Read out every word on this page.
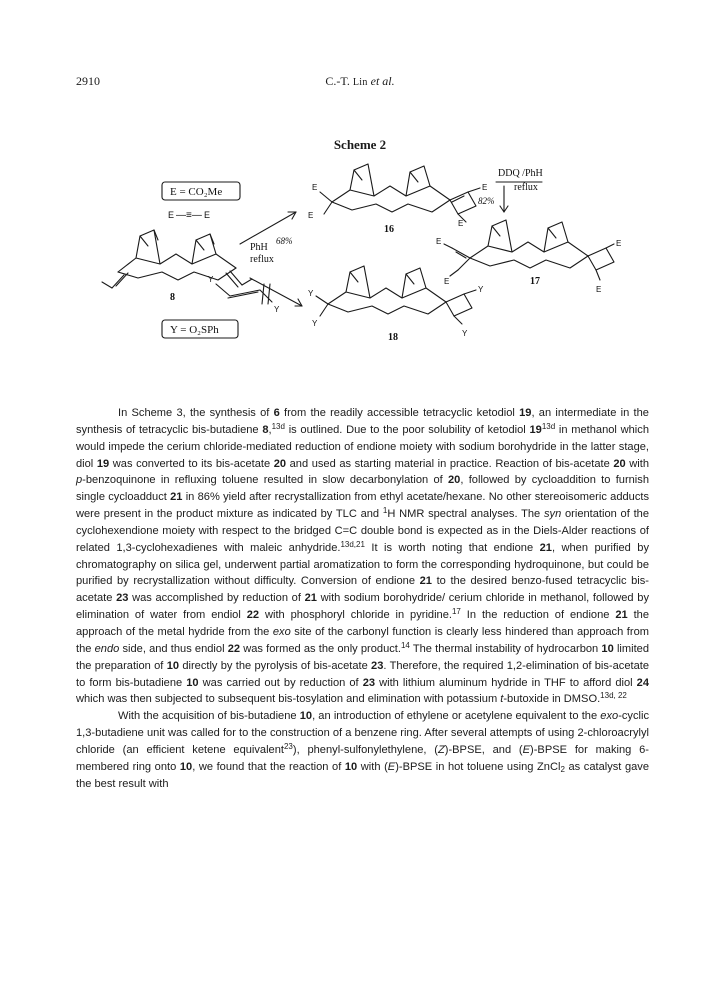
2910	C.-T. Lin et al.
Scheme 2
E = CO₂Me
Y = O₂SPh
E —≡— E
PhH
68%
reflux
DDQ /PhH
reflux
82%
8
16
17
18
E
E
E
E
E
E
E
E
Y
Y
Y
Y
Y
Y

In Scheme 3, the synthesis of 6 from the readily accessible tetracyclic ketodiol 19, an intermediate in the synthesis of tetracyclic bis-butadiene 8,$^{13d}$ is outlined. Due to the poor solubility of ketodiol $19^{13d}$ in methanol which would impede the cerium chloride-mediated reduction of endione moiety with sodium borohydride in the latter stage, diol 19 was converted to its bis-acetate 20 and used as starting material in practice. Reaction of bis-acetate 20 with p-benzoquinone in refluxing toluene resulted in slow decarbonylation of 20, followed by cycloaddition to furnish single cycloadduct 21 in 86% yield after recrystallization from ethyl acetate/hexane. No other stereoisomeric adducts were present in the product mixture as indicated by TLC and $^1$H NMR spectral analyses. The syn orientation of the cyclohexendione moiety with respect to the bridged C=C double bond is expected as in the Diels-Alder reactions of related 1,3-cyclohexadienes with maleic anhydride.$^{13d,21}$ It is worth noting that endione 21, when purified by chromatography on silica gel, underwent partial aromatization to form the corresponding hydroquinone, but could be purified by recrystallization without difficulty. Conversion of endione 21 to the desired benzo-fused tetracyclic bis-acetate 23 was accomplished by reduction of 21 with sodium borohydride/ cerium chloride in methanol, followed by elimination of water from endiol 22 with phosphoryl chloride in pyridine.$^{17}$ In the reduction of endione 21 the approach of the metal hydride from the exo site of the carbonyl function is clearly less hindered than approach from the endo side, and thus endiol 22 was formed as the only product.$^{14}$ The thermal instability of hydrocarbon 10 limited the preparation of 10 directly by the pyrolysis of bis-acetate 23. Therefore, the required 1,2-elimination of bis-acetate to form bis-butadiene 10 was carried out by reduction of 23 with lithium aluminum hydride in THF to afford diol 24 which was then subjected to subsequent bis-tosylation and elimination with potassium t-butoxide in DMSO.$^{13d, 22}$

With the acquisition of bis-butadiene 10, an introduction of ethylene or acetylene equivalent to the exo-cyclic 1,3-butadiene unit was called for to the construction of a benzene ring. After several attempts of using 2-chloroacrylyl chloride (an efficient ketene equivalent$^{23}$), phenyl-sulfonylethylene, (Z)-BPSE, and (E)-BPSE for making 6-membered ring onto 10, we found that the reaction of 10 with (E)-BPSE in hot toluene using ZnCl$_2$ as catalyst gave the best result with
